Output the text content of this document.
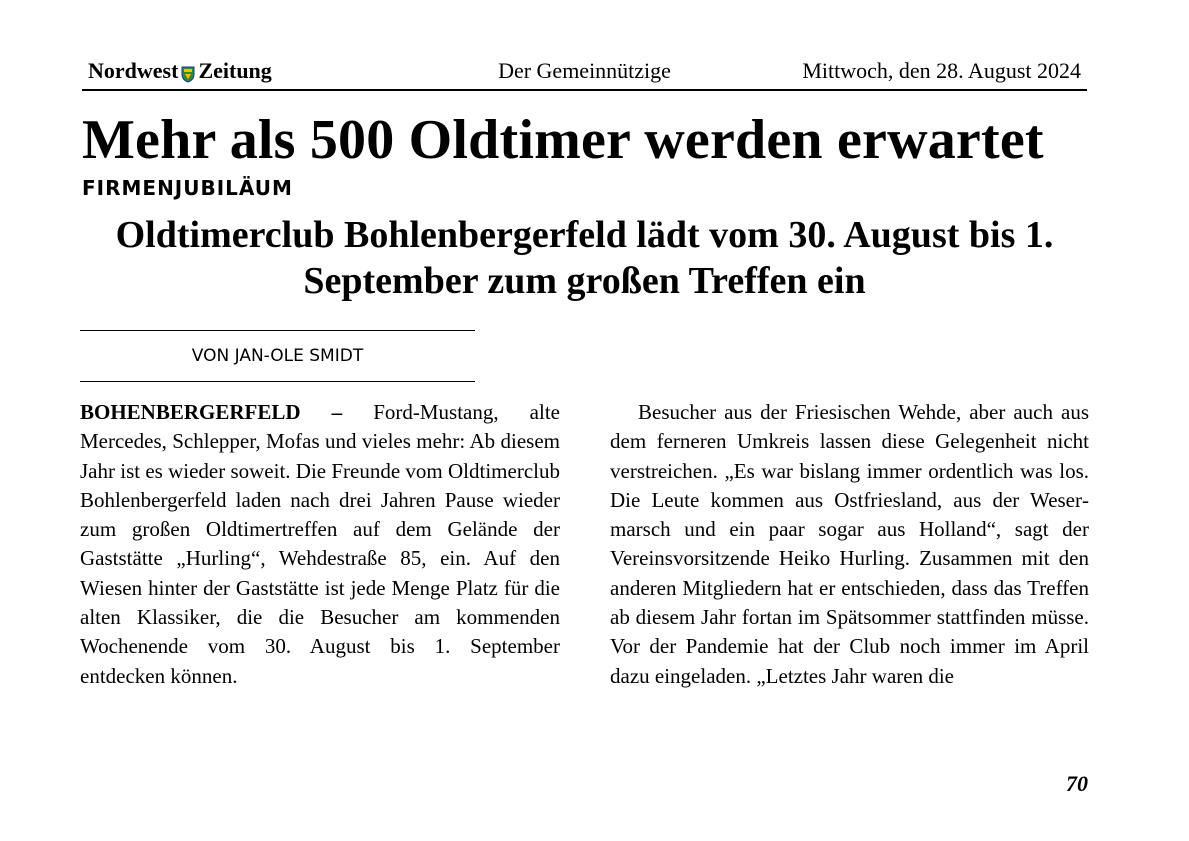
Nordwest Zeitung	Der Gemeinnützige	Mittwoch, den 28. August 2024
Mehr als 500 Oldtimer werden erwartet
FIRMENJUBILÄUM
Oldtimerclub Bohlenbergerfeld lädt vom 30. August bis 1. September zum großen Treffen ein
VON JAN-OLE SMIDT

BOHENBERGERFELD – Ford-Mustang, alte Mercedes, Schlepper, Mofas und vieles mehr: Ab diesem Jahr ist es wieder soweit. Die Freunde vom Oldtimerclub Bohlenbergerfeld laden nach drei Jahren Pause wieder zum großen Oldtimertreffen auf dem Gelände der Gaststätte „Hurling“, Wehdestraße 85, ein. Auf den Wiesen hinter der Gaststätte ist jede Menge Platz für die alten Klassiker, die die Besucher am kommenden Wochenende vom 30. August bis 1. September entdecken können.

Besucher aus der Friesischen Wehde, aber auch aus dem ferneren Umkreis lassen diese Gelegenheit nicht verstreichen. „Es war bislang immer ordentlich was los. Die Leute kommen aus Ostfriesland, aus der Wesermarsch und ein paar sogar aus Holland“, sagt der Vereinsvorsitzende Heiko Hurling. Zusammen mit den anderen Mitgliedern hat er entschieden, dass das Treffen ab diesem Jahr fortan im Spätsommer stattfinden müsse. Vor der Pandemie hat der Club noch immer im April dazu eingeladen. „Letztes Jahr waren die

70
